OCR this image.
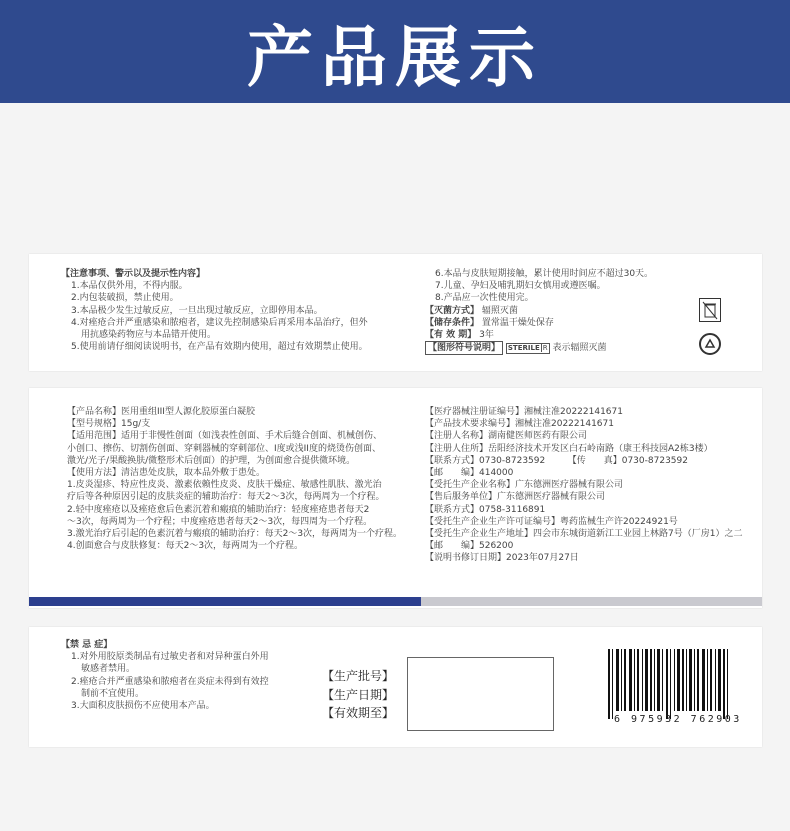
产品展示
【注意事项、警示以及提示性内容】
1.本品仅供外用，不得内服。
2.内包装破损，禁止使用。
3.本品极少发生过敏反应，一旦出现过敏反应，立即停用本品。
4.对痤疮合并严重感染和脓疱者，建议先控制感染后再采用本品治疗，但外
用抗感染药物应与本品错开使用。
5.使用前请仔细阅读说明书，在产品有效期内使用，超过有效期禁止使用。
6.本品与皮肤短期接触，累计使用时间应不超过30天。
7.儿童、孕妇及哺乳期妇女慎用或遵医嘱。
8.产品应一次性使用完。
【灭菌方式】 辐照灭菌
【储存条件】 置常温干燥处保存
【有 效 期】 3年
【图形符号说明】 STERILE R 表示辐照灭菌
【产品名称】医用重组III型人源化胶原蛋白凝胶
【型号规格】15g/支
【适用范围】适用于非慢性创面（如浅表性创面、手术后缝合创面、机械创伤、
小创口、擦伤、切割伤创面、穿刺器械的穿刺部位、I度或浅II度的烧烫伤创面、
激光/光子/果酸换肤/微整形术后创面）的护理，为创面愈合提供微环境。
【使用方法】清洁患处皮肤，取本品外敷于患处。
1.皮炎湿疹、特应性皮炎、激素依赖性皮炎、皮肤干燥症、敏感性肌肤、激光治
疗后等各种原因引起的皮肤炎症的辅助治疗：每天2～3次，每两周为一个疗程。
2.轻中度痤疮以及痤疮愈后色素沉着和瘢痕的辅助治疗：轻度痤疮患者每天2
～3次，每两周为一个疗程；中度痤疮患者每天2～3次，每四周为一个疗程。
3.激光治疗后引起的色素沉着与瘢痕的辅助治疗：每天2～3次，每两周为一个疗程。
4.创面愈合与皮肤修复：每天2～3次，每两周为一个疗程。
【医疗器械注册证编号】湘械注准20222141671
【产品技术要求编号】湘械注准20222141671
【注册人名称】湖南健医师医药有限公司
【注册人住所】岳阳经济技术开发区白石岭南路（康王科技园A2栋3楼）
【联系方式】0730-8723592　　　【传　　真】0730-8723592
【邮　　编】414000
【受托生产企业名称】广东德洲医疗器械有限公司
【售后服务单位】广东德洲医疗器械有限公司
【联系方式】0758-3116891
【受托生产企业生产许可证编号】粤药监械生产许20224921号
【受托生产企业生产地址】四会市东城街道新江工业园上林路7号（厂房1）之二
【邮　　编】526200
【说明书修订日期】2023年07月27日
【禁 忌 症】
1.对外用胶原类制品有过敏史者和对异种蛋白外用
敏感者禁用。
2.痤疮合并严重感染和脓疱者在炎症未得到有效控
制前不宜使用。
3.大面积皮肤损伤不应使用本产品。
【生产批号】
【生产日期】
【有效期至】	6 975932 762903
